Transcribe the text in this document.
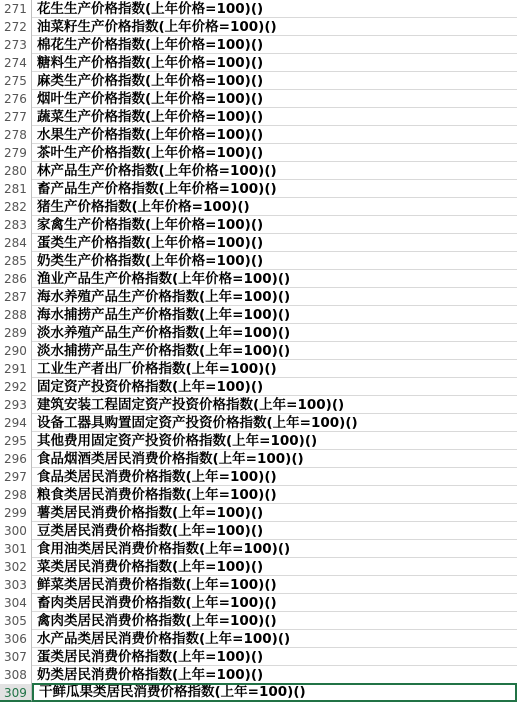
271 花生生产价格指数(上年价格=100)()
272 油菜籽生产价格指数(上年价格=100)()
273 棉花生产价格指数(上年价格=100)()
274 糖料生产价格指数(上年价格=100)()
275 麻类生产价格指数(上年价格=100)()
276 烟叶生产价格指数(上年价格=100)()
277 蔬菜生产价格指数(上年价格=100)()
278 水果生产价格指数(上年价格=100)()
279 茶叶生产价格指数(上年价格=100)()
280 林产品生产价格指数(上年价格=100)()
281 畜产品生产价格指数(上年价格=100)()
282 猪生产价格指数(上年价格=100)()
283 家禽生产价格指数(上年价格=100)()
284 蛋类生产价格指数(上年价格=100)()
285 奶类生产价格指数(上年价格=100)()
286 渔业产品生产价格指数(上年价格=100)()
287 海水养殖产品生产价格指数(上年=100)()
288 海水捕捞产品生产价格指数(上年=100)()
289 淡水养殖产品生产价格指数(上年=100)()
290 淡水捕捞产品生产价格指数(上年=100)()
291 工业生产者出厂价格指数(上年=100)()
292 固定资产投资价格指数(上年=100)()
293 建筑安装工程固定资产投资价格指数(上年=100)()
294 设备工器具购置固定资产投资价格指数(上年=100)()
295 其他费用固定资产投资价格指数(上年=100)()
296 食品烟酒类居民消费价格指数(上年=100)()
297 食品类居民消费价格指数(上年=100)()
298 粮食类居民消费价格指数(上年=100)()
299 薯类居民消费价格指数(上年=100)()
300 豆类居民消费价格指数(上年=100)()
301 食用油类居民消费价格指数(上年=100)()
302 菜类居民消费价格指数(上年=100)()
303 鲜菜类居民消费价格指数(上年=100)()
304 畜肉类居民消费价格指数(上年=100)()
305 禽肉类居民消费价格指数(上年=100)()
306 水产品类居民消费价格指数(上年=100)()
307 蛋类居民消费价格指数(上年=100)()
308 奶类居民消费价格指数(上年=100)()
309 干鲜瓜果类居民消费价格指数(上年=100)()
